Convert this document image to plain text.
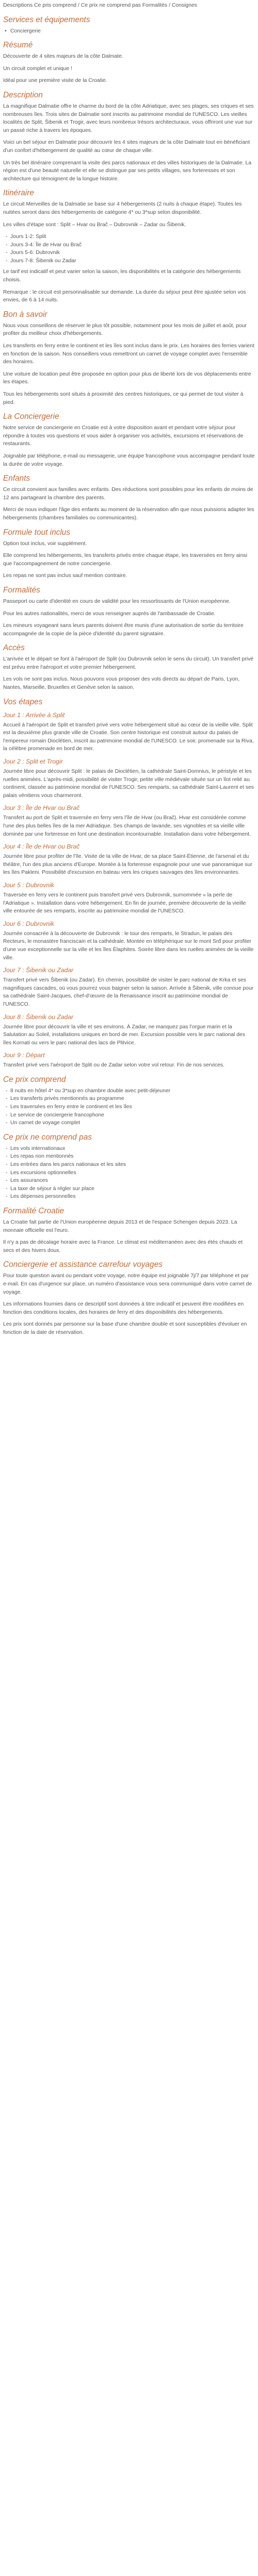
Descriptions Ce pris comprend / Ce prix ne comprend pas Formalités / Consignes

Services et équipements
• Conciergerie
Résumé

Découverte de 4 sites majeurs de la côte Dalmate.

Un circuit complet et unique !

Idéal pour une première visite de la Croatie.

Description

La magnifique Dalmatie offre le charme du bord de la côte Adriatique, avec ses plages, ses criques et ses nombreuses îles. Trois sites de Dalmatie sont inscrits au patrimoine mondial de l'UNESCO. Les vieilles localités de Split, Šibenik et Trogir, avec leurs nombreux trésors architecturaux, vous offriront une vue sur un passé riche à travers les époques.

Voici un bel séjour en Dalmatie pour découvrir les 4 sites majeurs de la côte Dalmate tout en bénéficiant d'un confort d'hébergement de qualité au cœur de chaque ville.

Un très bel itinéraire comprenant la visite des parcs nationaux et des villes historiques de la Dalmatie. La région est d'une beauté naturelle et elle se distingue par ses petits villages, ses forteresses et son architecture qui témoignent de la longue histoire.

Itinéraire

Le circuit Merveilles de la Dalmatie se base sur 4 hébergements (2 nuits à chaque étape). Toutes les nuitées seront dans des hébergements de catégorie 4* ou 3*sup selon disponibilité.

Les villes d'étape sont : Split – Hvar ou Brač – Dubrovnik – Zadar ou Šibenik.

- Jours 1-2: Split
- Jours 3-4: Île de Hvar ou Brač
- Jours 5-6: Dubrovnik
- Jours 7-8: Šibenik ou Zadar

Le tarif est indicatif et peut varier selon la saison, les disponibilités et la catégorie des hébergements choisis.

Remarque : le circuit est personnalisable sur demande. La durée du séjour peut être ajustée selon vos envies, de 6 à 14 nuits.

Bon à savoir

Nous vous conseillons de réserver le plus tôt possible, notamment pour les mois de juillet et août, pour profiter du meilleur choix d'hébergements.

Les transferts en ferry entre le continent et les îles sont inclus dans le prix. Les horaires des ferries varient en fonction de la saison. Nos conseillers vous remettront un carnet de voyage complet avec l'ensemble des horaires.

Une voiture de location peut être proposée en option pour plus de liberté lors de vos déplacements entre les étapes.

Tous les hébergements sont situés à proximité des centres historiques, ce qui permet de tout visiter à pied.

La Conciergerie

Notre service de conciergerie en Croatie est à votre disposition avant et pendant votre séjour pour répondre à toutes vos questions et vous aider à organiser vos activités, excursions et réservations de restaurants.

Joignable par téléphone, e-mail ou messagerie, une équipe francophone vous accompagne pendant toute la durée de votre voyage.

Enfants

Ce circuit convient aux familles avec enfants. Des réductions sont possibles pour les enfants de moins de 12 ans partageant la chambre des parents.

Merci de nous indiquer l'âge des enfants au moment de la réservation afin que nous puissions adapter les hébergements (chambres familiales ou communicantes).

Formule tout inclus

Option tout inclus, voir supplément.

Elle comprend les hébergements, les transferts privés entre chaque étape, les traversées en ferry ainsi que l'accompagnement de notre conciergerie.

Les repas ne sont pas inclus sauf mention contraire.

Formalités

Passeport ou carte d'identité en cours de validité pour les ressortissants de l'Union européenne.

Pour les autres nationalités, merci de vous renseigner auprès de l'ambassade de Croatie.

Les mineurs voyageant sans leurs parents doivent être munis d'une autorisation de sortie du territoire accompagnée de la copie de la pièce d'identité du parent signataire.

Accès

L'arrivée et le départ se font à l'aéroport de Split (ou Dubrovnik selon le sens du circuit). Un transfert privé est prévu entre l'aéroport et votre premier hébergement.

Les vols ne sont pas inclus. Nous pouvons vous proposer des vols directs au départ de Paris, Lyon, Nantes, Marseille, Bruxelles et Genève selon la saison.

Vos étapes
Jour 1 : Arrivée à Split

Accueil à l'aéroport de Split et transfert privé vers votre hébergement situé au cœur de la vieille ville. Split est la deuxième plus grande ville de Croatie. Son centre historique est construit autour du palais de l'empereur romain Dioclétien, inscrit au patrimoine mondial de l'UNESCO. Le soir, promenade sur la Riva, la célèbre promenade en bord de mer.

Jour 2 : Split et Trogir

Journée libre pour découvrir Split : le palais de Dioclétien, la cathédrale Saint-Domnius, le péristyle et les ruelles animées. L'après-midi, possibilité de visiter Trogir, petite ville médiévale située sur un îlot relié au continent, classée au patrimoine mondial de l'UNESCO. Ses remparts, sa cathédrale Saint-Laurent et ses palais vénitiens vous charmeront.

Jour 3 : Île de Hvar ou Brač

Transfert au port de Split et traversée en ferry vers l'île de Hvar (ou Brač). Hvar est considérée comme l'une des plus belles îles de la mer Adriatique. Ses champs de lavande, ses vignobles et sa vieille ville dominée par une forteresse en font une destination incontournable. Installation dans votre hébergement.

Jour 4 : Île de Hvar ou Brač

Journée libre pour profiter de l'île. Visite de la ville de Hvar, de sa place Saint-Étienne, de l'arsenal et du théâtre, l'un des plus anciens d'Europe. Montée à la forteresse espagnole pour une vue panoramique sur les îles Pakleni. Possibilité d'excursion en bateau vers les criques sauvages des îles environnantes.

Jour 5 : Dubrovnik

Traversée en ferry vers le continent puis transfert privé vers Dubrovnik, surnommée « la perle de l'Adriatique ». Installation dans votre hébergement. En fin de journée, première découverte de la vieille ville entourée de ses remparts, inscrite au patrimoine mondial de l'UNESCO.

Jour 6 : Dubrovnik

Journée consacrée à la découverte de Dubrovnik : le tour des remparts, le Stradun, le palais des Recteurs, le monastère franciscain et la cathédrale. Montée en téléphérique sur le mont Srđ pour profiter d'une vue exceptionnelle sur la ville et les îles Élaphites. Soirée libre dans les ruelles animées de la vieille ville.

Jour 7 : Šibenik ou Zadar

Transfert privé vers Šibenik (ou Zadar). En chemin, possibilité de visiter le parc national de Krka et ses magnifiques cascades, où vous pourrez vous baigner selon la saison. Arrivée à Šibenik, ville connue pour sa cathédrale Saint-Jacques, chef-d'œuvre de la Renaissance inscrit au patrimoine mondial de l'UNESCO.

Jour 8 : Šibenik ou Zadar

Journée libre pour découvrir la ville et ses environs. À Zadar, ne manquez pas l'orgue marin et la Salutation au Soleil, installations uniques en bord de mer. Excursion possible vers le parc national des îles Kornati ou vers le parc national des lacs de Plitvice.

Jour 9 : Départ

Transfert privé vers l'aéroport de Split ou de Zadar selon votre vol retour. Fin de nos services.

Ce prix comprend
- 8 nuits en hôtel 4* ou 3*sup en chambre double avec petit-déjeuner
- Les transferts privés mentionnés au programme
- Les traversées en ferry entre le continent et les îles
- Le service de conciergerie francophone
- Un carnet de voyage complet
Ce prix ne comprend pas
- Les vols internationaux
- Les repas non mentionnés
- Les entrées dans les parcs nationaux et les sites
- Les excursions optionnelles
- Les assurances
- La taxe de séjour à régler sur place
- Les dépenses personnelles
Formalité Croatie

La Croatie fait partie de l'Union européenne depuis 2013 et de l'espace Schengen depuis 2023. La monnaie officielle est l'euro.

Il n'y a pas de décalage horaire avec la France. Le climat est méditerranéen avec des étés chauds et secs et des hivers doux.

Conciergerie et assistance carrefour voyages

Pour toute question avant ou pendant votre voyage, notre équipe est joignable 7j/7 par téléphone et par e-mail. En cas d'urgence sur place, un numéro d'assistance vous sera communiqué dans votre carnet de voyage.

Les informations fournies dans ce descriptif sont données à titre indicatif et peuvent être modifiées en fonction des conditions locales, des horaires de ferry et des disponibilités des hébergements.

Les prix sont donnés par personne sur la base d'une chambre double et sont susceptibles d'évoluer en fonction de la date de réservation.
